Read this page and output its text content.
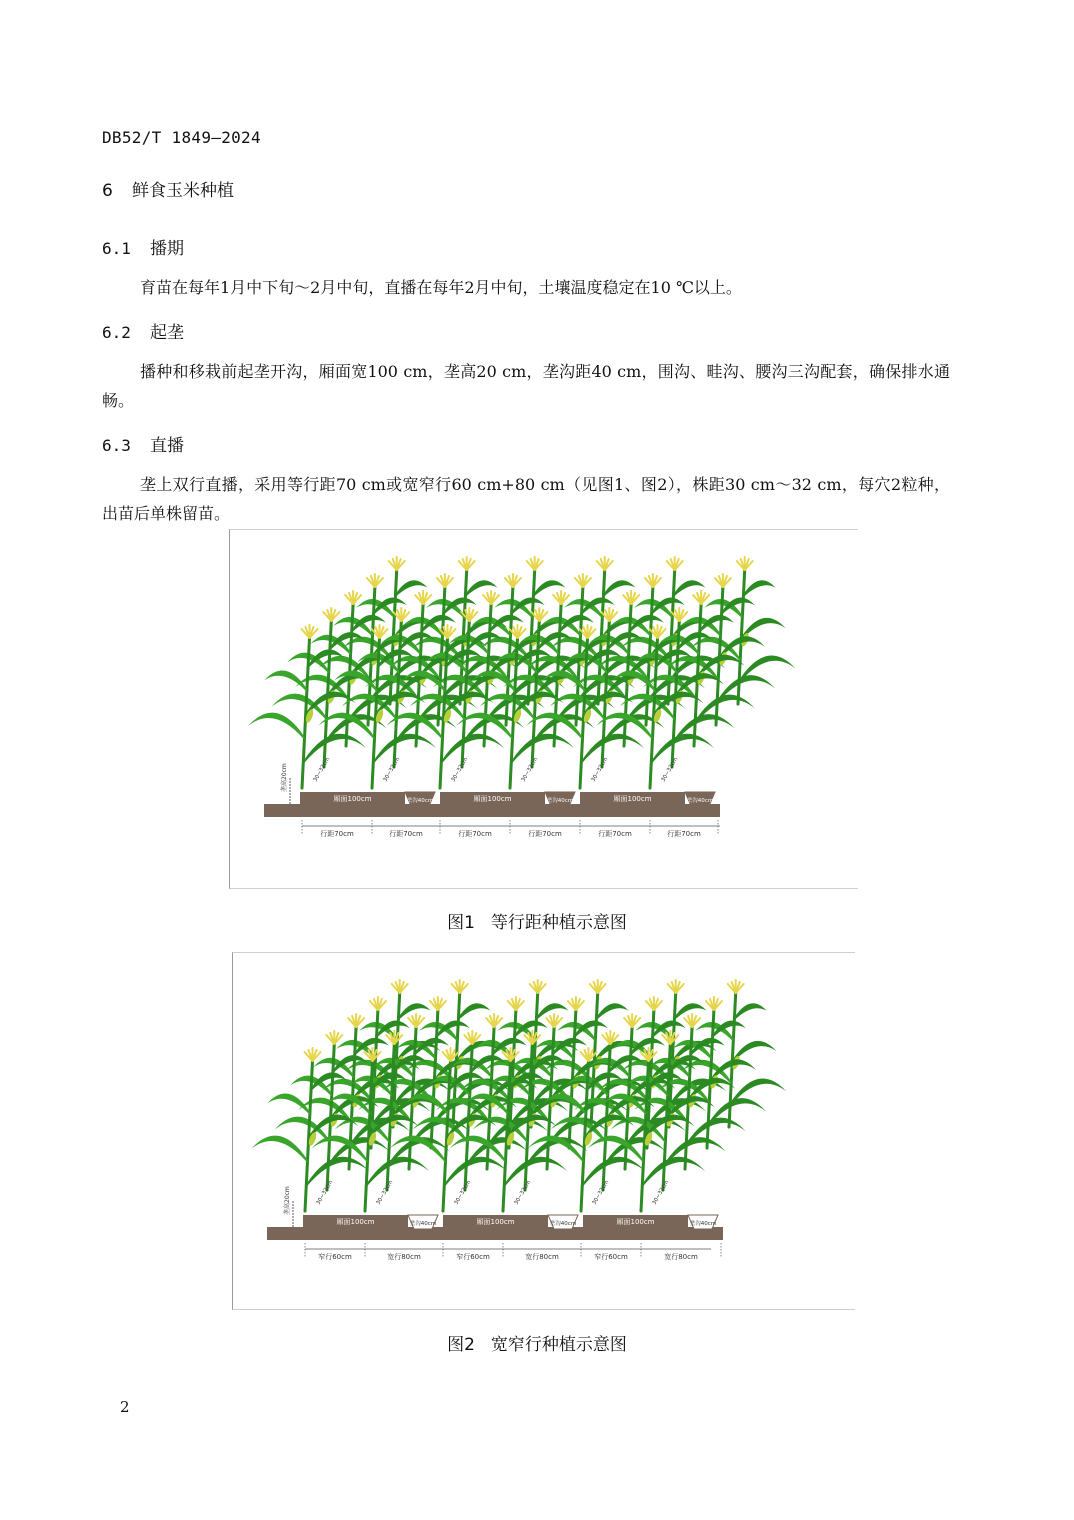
DB52/T 1849—2024
6 鲜食玉米种植
6.1 播期
育苗在每年1月中下旬～2月中旬，直播在每年2月中旬，土壤温度稳定在10 ℃以上。
6.2 起垄
播种和移栽前起垄开沟，厢面宽100 cm，垄高20 cm，垄沟距40 cm，围沟、畦沟、腰沟三沟配套，确保排水通畅。
6.3 直播
垄上双行直播，采用等行距70 cm或宽窄行60 cm+80 cm（见图1、图2），株距30 cm～32 cm，每穴2粒种，出苗后单株留苗。
厢面100cm	垄沟40cm	厢面100cm	垄沟40cm	厢面100cm	垄沟40cm
垄高20cm	30~32cm	30~32cm	30~32cm	30~32cm	30~32cm	30~32cm
行距70cm	行距70cm	行距70cm	行距70cm	行距70cm	行距70cm
图1 等行距种植示意图
厢面100cm	垄沟40cm	厢面100cm	垄沟40cm	厢面100cm	垄沟40cm
垄高20cm	30~32cm	30~32cm	30~32cm	30~32cm	30~32cm	30~32cm
窄行60cm	宽行80cm	窄行60cm	宽行80cm	窄行60cm	宽行80cm
图2 宽窄行种植示意图
2
